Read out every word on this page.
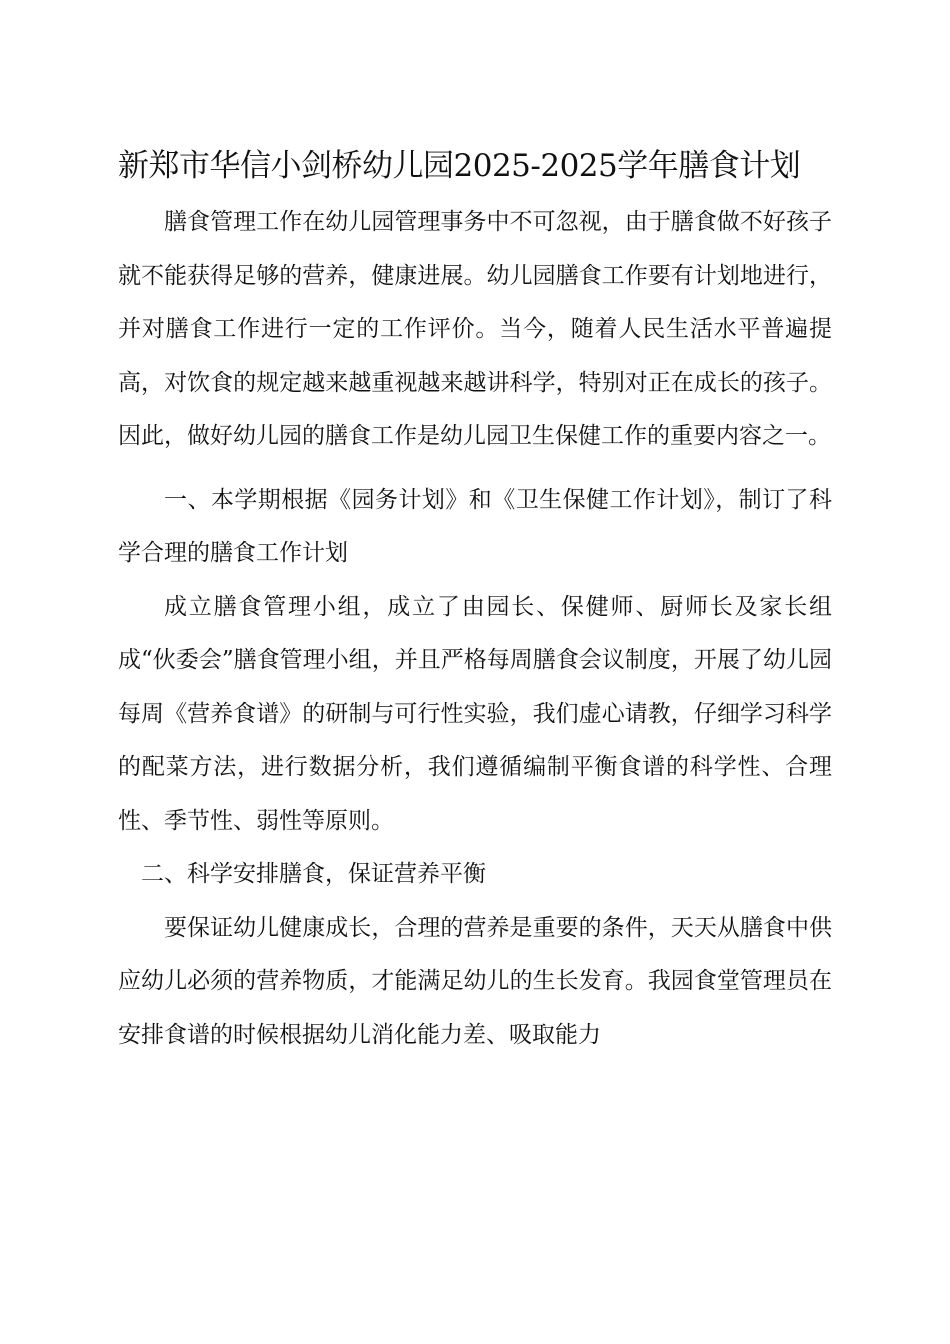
新郑市华信小剑桥幼儿园2025-2025学年膳食计划

膳食管理工作在幼儿园管理事务中不可忽视，由于膳食做不好孩子就不能获得足够的营养，健康进展。幼儿园膳食工作要有计划地进行，并对膳食工作进行一定的工作评价。当今，随着人民生活水平普遍提高，对饮食的规定越来越重视越来越讲科学，特别对正在成长的孩子。因此，做好幼儿园的膳食工作是幼儿园卫生保健工作的重要内容之一。

一、本学期根据《园务计划》和《卫生保健工作计划》，制订了科学合理的膳食工作计划

成立膳食管理小组，成立了由园长、保健师、厨师长及家长组成“伙委会”膳食管理小组，并且严格每周膳食会议制度，开展了幼儿园每周《营养食谱》的研制与可行性实验，我们虚心请教，仔细学习科学的配菜方法，进行数据分析，我们遵循编制平衡食谱的科学性、合理性、季节性、弱性等原则。

二、科学安排膳食，保证营养平衡

要保证幼儿健康成长，合理的营养是重要的条件，天天从膳食中供应幼儿必须的营养物质，才能满足幼儿的生长发育。我园食堂管理员在安排食谱的时候根据幼儿消化能力差、吸取能力
